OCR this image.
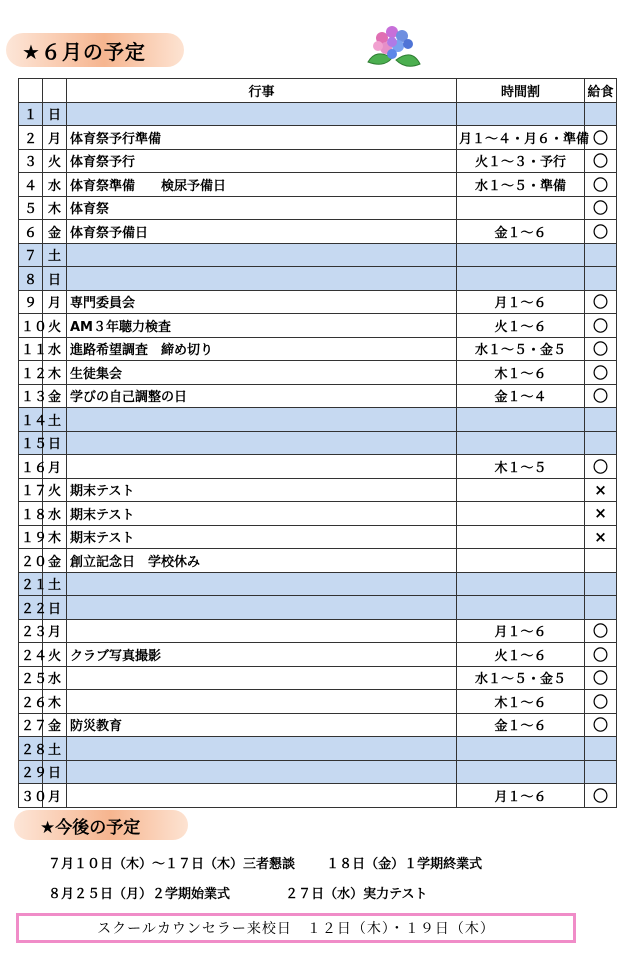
★６月の予定
		行事	時間割	給食
１	日			
２	月	体育祭予行準備	月１～４・月６・準備	〇
３	火	体育祭予行	火１～３・予行	〇
４	水	体育祭準備　　検尿予備日	水１～５・準備	〇
５	木	体育祭		〇
６	金	体育祭予備日	金１～６	〇
７	土			
８	日			
９	月	専門委員会	月１～６	〇
１０	火	AM３年聴力検査	火１～６	〇
１１	水	進路希望調査　締め切り	水１～５・金５	〇
１２	木	生徒集会	木１～６	〇
１３	金	学びの自己調整の日	金１～４	〇
１４	土			
１５	日			
１６	月		木１～５	〇
１７	火	期末テスト		×
１８	水	期末テスト		×
１９	木	期末テスト		×
２０	金	創立記念日　学校休み		
２１	土			
２２	日			
２３	月		月１～６	〇
２４	火	クラブ写真撮影	火１～６	〇
２５	水		水１～５・金５	〇
２６	木		木１～６	〇
２７	金	防災教育	金１～６	〇
２８	土			
２９	日			
３０	月		月１～６	〇
★今後の予定
７月１０日（木）～１７日（木）三者懇談 １８日（金）１学期終業式
８月２５日（月）２学期始業式	２７日（水）実力テスト
スクールカウンセラー来校日　１２日（木）・１９日（木）
